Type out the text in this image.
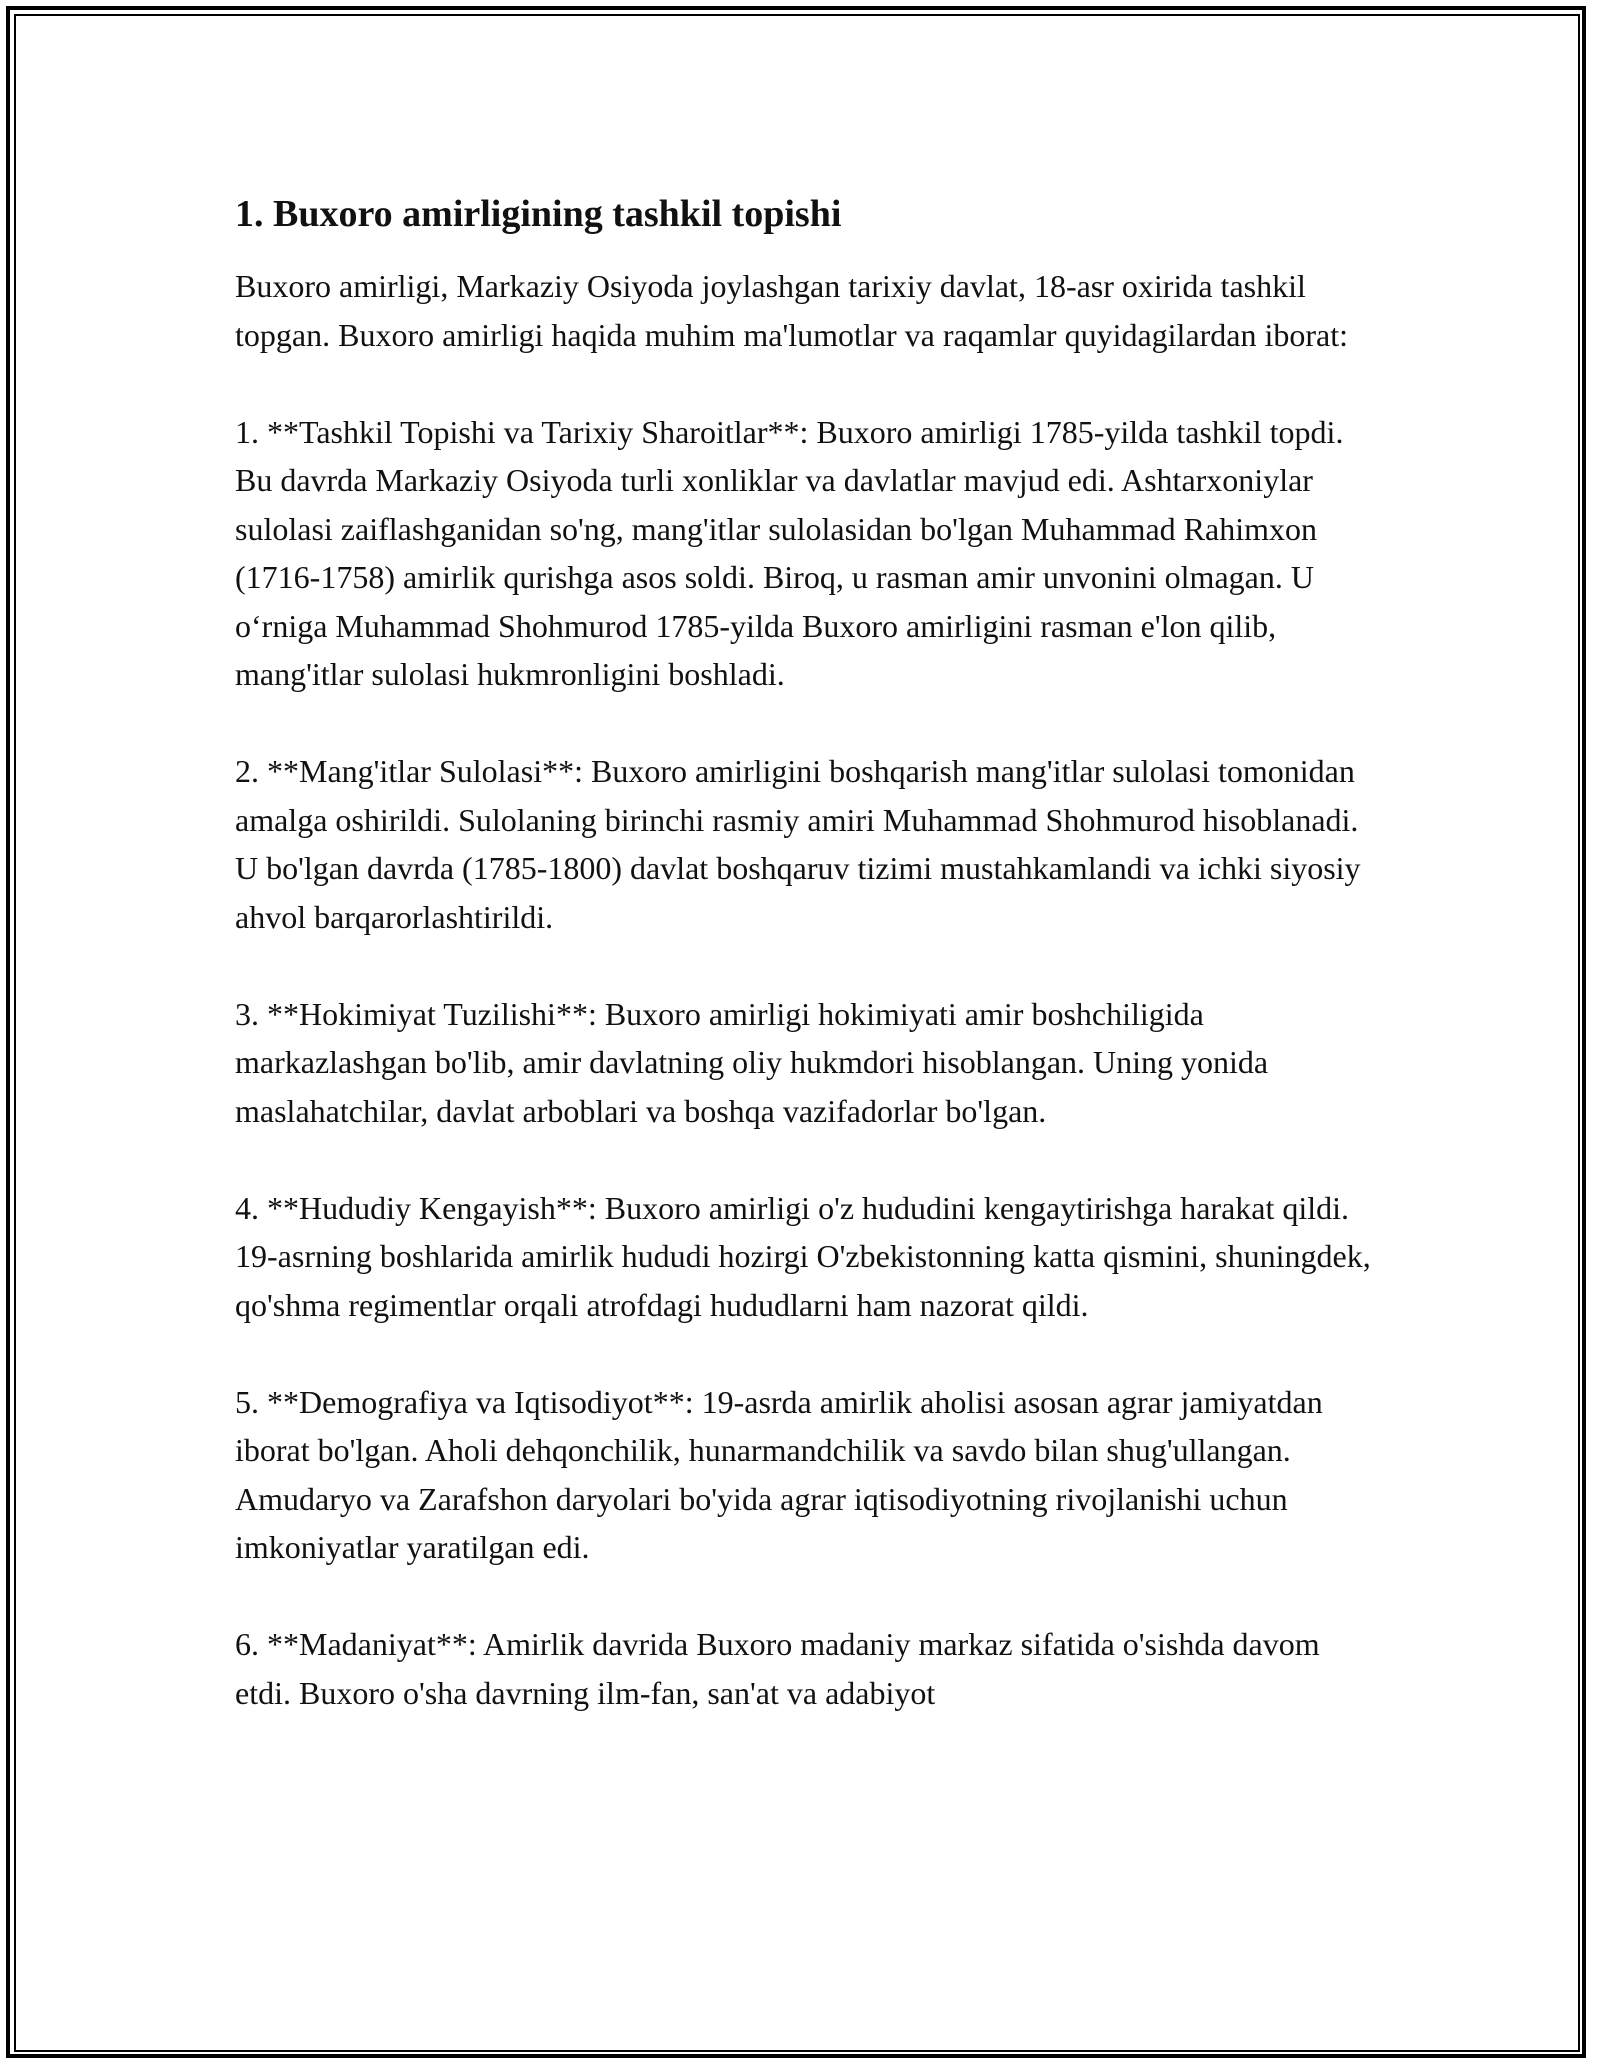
1. Buxoro amirligining tashkil topishi

Buxoro amirligi, Markaziy Osiyoda joylashgan tarixiy davlat, 18-asr oxirida tashkil topgan. Buxoro amirligi haqida muhim ma'lumotlar va raqamlar quyidagilardan iborat:

1. **Tashkil Topishi va Tarixiy Sharoitlar**: Buxoro amirligi 1785-yilda tashkil topdi. Bu davrda Markaziy Osiyoda turli xonliklar va davlatlar mavjud edi. Ashtarxoniylar sulolasi zaiflashganidan so'ng, mang'itlar sulolasidan bo'lgan Muhammad Rahimxon (1716-1758) amirlik qurishga asos soldi. Biroq, u rasman amir unvonini olmagan. U o‘rniga Muhammad Shohmurod 1785-yilda Buxoro amirligini rasman e'lon qilib, mang'itlar sulolasi hukmronligini boshladi.

2. **Mang'itlar Sulolasi**: Buxoro amirligini boshqarish mang'itlar sulolasi tomonidan amalga oshirildi. Sulolaning birinchi rasmiy amiri Muhammad Shohmurod hisoblanadi. U bo'lgan davrda (1785-1800) davlat boshqaruv tizimi mustahkamlandi va ichki siyosiy ahvol barqarorlashtirildi.

3. **Hokimiyat Tuzilishi**: Buxoro amirligi hokimiyati amir boshchiligida markazlashgan bo'lib, amir davlatning oliy hukmdori hisoblangan. Uning yonida maslahatchilar, davlat arboblari va boshqa vazifadorlar bo'lgan.

4. **Hududiy Kengayish**: Buxoro amirligi o'z hududini kengaytirishga harakat qildi. 19-asrning boshlarida amirlik hududi hozirgi O'zbekistonning katta qismini, shuningdek, qo'shma regimentlar orqali atrofdagi hududlarni ham nazorat qildi.

5. **Demografiya va Iqtisodiyot**: 19-asrda amirlik aholisi asosan agrar jamiyatdan iborat bo'lgan. Aholi dehqonchilik, hunarmandchilik va savdo bilan shug'ullangan. Amudaryo va Zarafshon daryolari bo'yida agrar iqtisodiyotning rivojlanishi uchun imkoniyatlar yaratilgan edi.

6. **Madaniyat**: Amirlik davrida Buxoro madaniy markaz sifatida o'sishda davom etdi. Buxoro o'sha davrning ilm-fan, san'at va adabiyot
